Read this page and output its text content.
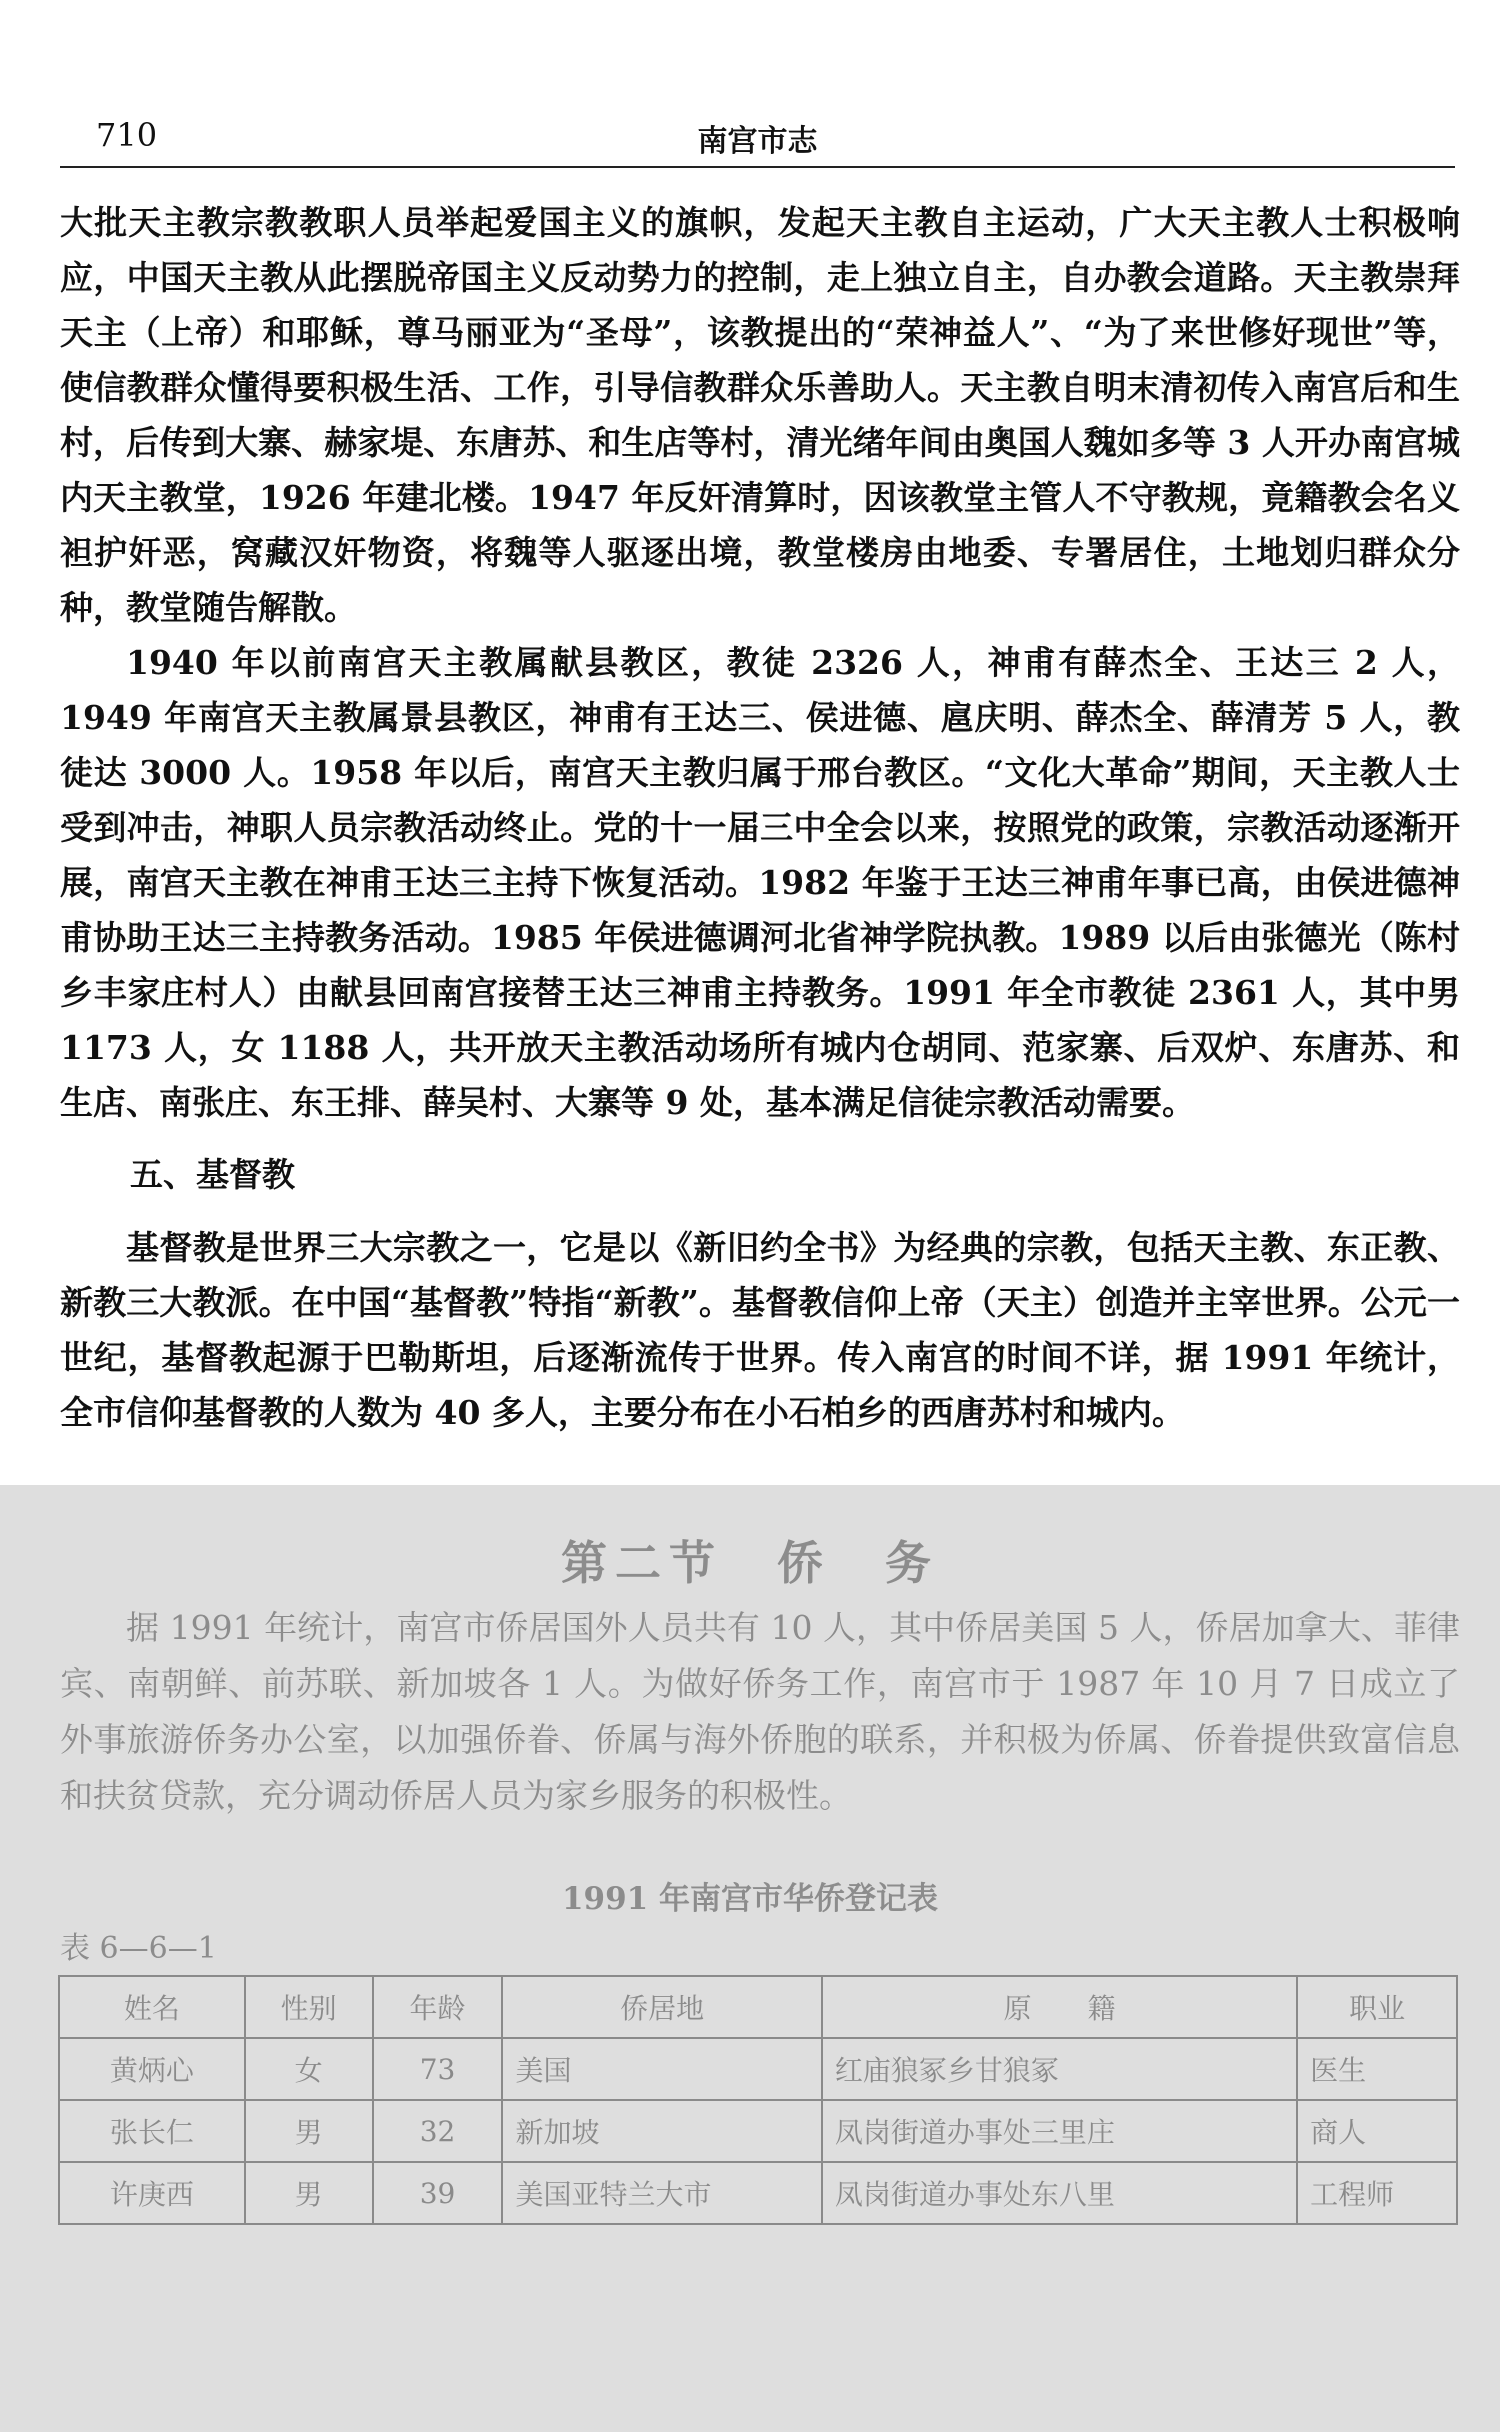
710	南宫市志

大批天主教宗教教职人员举起爱国主义的旗帜，发起天主教自主运动，广大天主教人士积极响应，中国天主教从此摆脱帝国主义反动势力的控制，走上独立自主，自办教会道路。天主教崇拜天主（上帝）和耶稣，尊马丽亚为“圣母”，该教提出的“荣神益人”、“为了来世修好现世”等，使信教群众懂得要积极生活、工作，引导信教群众乐善助人。天主教自明末清初传入南宫后和生村，后传到大寨、赫家堤、东唐苏、和生店等村，清光绪年间由奥国人魏如多等 3 人开办南宫城内天主教堂，1926 年建北楼。1947 年反奸清算时，因该教堂主管人不守教规，竟籍教会名义袒护奸恶，窝藏汉奸物资，将魏等人驱逐出境，教堂楼房由地委、专署居住，土地划归群众分种，教堂随告解散。

1940 年以前南宫天主教属献县教区，教徒 2326 人，神甫有薛杰全、王达三 2 人，1949 年南宫天主教属景县教区，神甫有王达三、侯进德、扈庆明、薛杰全、薛清芳 5 人，教徒达 3000 人。1958 年以后，南宫天主教归属于邢台教区。“文化大革命”期间，天主教人士受到冲击，神职人员宗教活动终止。党的十一届三中全会以来，按照党的政策，宗教活动逐渐开展，南宫天主教在神甫王达三主持下恢复活动。1982 年鉴于王达三神甫年事已高，由侯进德神甫协助王达三主持教务活动。1985 年侯进德调河北省神学院执教。1989 以后由张德光（陈村乡丰家庄村人）由献县回南宫接替王达三神甫主持教务。1991 年全市教徒 2361 人，其中男 1173 人，女 1188 人，共开放天主教活动场所有城内仓胡同、范家寨、后双炉、东唐苏、和生店、南张庄、东王排、薛吴村、大寨等 9 处，基本满足信徒宗教活动需要。

五、基督教

基督教是世界三大宗教之一，它是以《新旧约全书》为经典的宗教，包括天主教、东正教、新教三大教派。在中国“基督教”特指“新教”。基督教信仰上帝（天主）创造并主宰世界。公元一世纪，基督教起源于巴勒斯坦，后逐渐流传于世界。传入南宫的时间不详，据 1991 年统计，全市信仰基督教的人数为 40 多人，主要分布在小石柏乡的西唐苏村和城内。

第二节　侨　务

据 1991 年统计，南宫市侨居国外人员共有 10 人，其中侨居美国 5 人，侨居加拿大、菲律宾、南朝鲜、前苏联、新加坡各 1 人。为做好侨务工作，南宫市于 1987 年 10 月 7 日成立了外事旅游侨务办公室，以加强侨眷、侨属与海外侨胞的联系，并积极为侨属、侨眷提供致富信息和扶贫贷款，充分调动侨居人员为家乡服务的积极性。

1991 年南宫市华侨登记表
表 6—6—1
姓名	性别	年龄	侨居地	原　　籍	职业
黄炳心	女	73	美国	红庙狼冢乡甘狼冢	医生
张长仁	男	32	新加坡	凤岗街道办事处三里庄	商人
许庚西	男	39	美国亚特兰大市	凤岗街道办事处东八里	工程师
